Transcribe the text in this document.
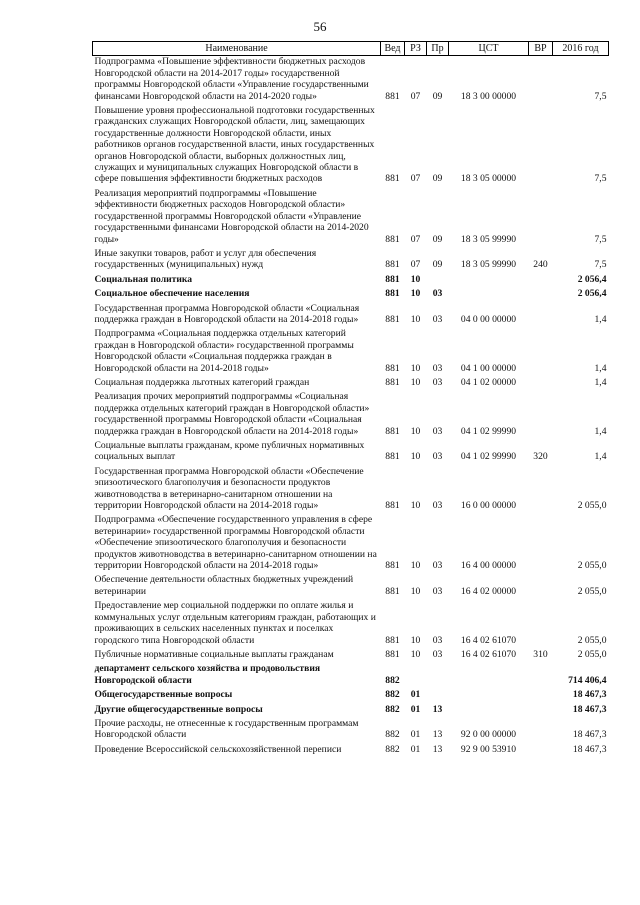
56
Наименование	Вед	РЗ	Пр	ЦСТ	ВР	2016 год
Подпрограмма «Повышение эффективности бюджетных расходов Новгородской области на 2014-2017 годы» государственной программы Новгородской области «Управление государственными финансами Новгородской области на 2014-2020 годы»	881	07	09	18 3 00 00000		7,5
Повышение уровня профессиональной подготовки государственных гражданских служащих Новгородской области, лиц, замещающих государственные должности Новгородской области, иных работников органов государственной власти, иных государственных органов Новгородской области, выборных должностных лиц, служащих и муниципальных служащих Новгородской области в сфере повышения эффективности бюджетных расходов	881	07	09	18 3 05 00000		7,5
Реализация мероприятий подпрограммы «Повышение эффективности бюджетных расходов Новгородской области» государственной программы Новгородской области «Управление государственными финансами Новгородской области на 2014-2020 годы»	881	07	09	18 3 05 99990		7,5
Иные закупки товаров, работ и услуг для обеспечения государственных (муниципальных) нужд	881	07	09	18 3 05 99990	240	7,5
Социальная политика	881	10				2 056,4
Социальное обеспечение населения	881	10	03			2 056,4
Государственная программа Новгородской области «Социальная поддержка граждан в Новгородской области на 2014-2018 годы»	881	10	03	04 0 00 00000		1,4
Подпрограмма «Социальная поддержка отдельных категорий граждан в Новгородской области» государственной программы Новгородской области «Социальная поддержка граждан в Новгородской области на 2014-2018 годы»	881	10	03	04 1 00 00000		1,4
Социальная поддержка льготных категорий граждан	881	10	03	04 1 02 00000		1,4
Реализация прочих мероприятий подпрограммы «Социальная поддержка отдельных категорий граждан в Новгородской области» государственной программы Новгородской области «Социальная поддержка граждан в Новгородской области на 2014-2018 годы»	881	10	03	04 1 02 99990		1,4
Социальные выплаты гражданам, кроме публичных нормативных социальных выплат	881	10	03	04 1 02 99990	320	1,4
Государственная программа Новгородской области «Обеспечение эпизоотического благополучия и безопасности продуктов животноводства в ветеринарно-санитарном отношении на территории Новгородской области на 2014-2018 годы»	881	10	03	16 0 00 00000		2 055,0
Подпрограмма «Обеспечение государственного управления в сфере ветеринарии» государственной программы Новгородской области «Обеспечение эпизоотического благополучия и безопасности продуктов животноводства в ветеринарно-санитарном отношении на территории Новгородской области на 2014-2018 годы»	881	10	03	16 4 00 00000		2 055,0
Обеспечение деятельности областных бюджетных учреждений ветеринарии	881	10	03	16 4 02 00000		2 055,0
Предоставление мер социальной поддержки по оплате жилья и коммунальных услуг отдельным категориям граждан, работающих и проживающих в сельских населенных пунктах и поселках городского типа Новгородской области	881	10	03	16 4 02 61070		2 055,0
Публичные нормативные социальные выплаты гражданам	881	10	03	16 4 02 61070	310	2 055,0
департамент сельского хозяйства и продовольствия Новгородской области	882					714 406,4
Общегосударственные вопросы	882	01				18 467,3
Другие общегосударственные вопросы	882	01	13			18 467,3
Прочие расходы, не отнесенные к государственным программам Новгородской области	882	01	13	92 0 00 00000		18 467,3
Проведение Всероссийской сельскохозяйственной переписи	882	01	13	92 9 00 53910		18 467,3
